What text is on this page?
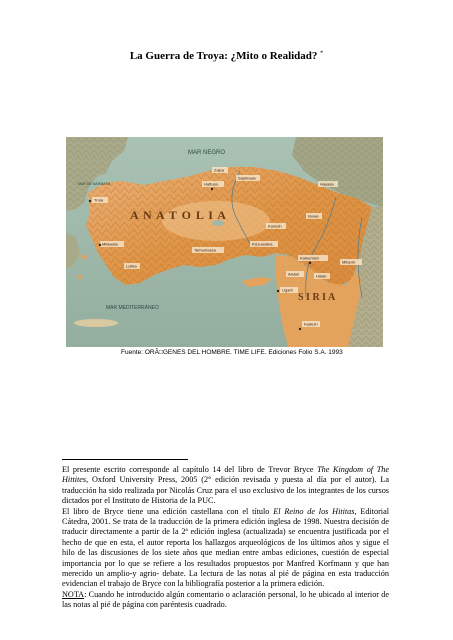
La Guerra de Troya: ¿Mito o Realidad? *
MAR NEGRO
A N A T O L I A
S I R I A
MAR MEDITERRÁNEO
MAR DE MÁRMARA	Hattusa
Troia
Milawata
Lukka
Tarhuntassa
Kizzuwatna
Kanesh
Isuwa
Hayasa
Sapinuwa
Zalpa
Karkemish
Mitanni
Alalah	Halab
Ugarit
Kadesh
Fuente: ORÃ□GENES DEL HOMBRE. TIME LIFE. Ediciones Folio S.A. 1993

El presente escrito corresponde al capítulo 14 del libro de Trevor Bryce The Kingdom of The Hittites, Oxford University Press, 2005 (2° edición revisada y puesta al día por el autor). La traducción ha sido realizada por Nicolás Cruz para el uso exclusivo de los integrantes de los cursos dictados por el Instituto de Historia de la PUC.

El libro de Bryce tiene una edición castellana con el título El Reino de los Hititas, Editorial Cátedra, 2001. Se trata de la traducción de la primera edición inglesa de 1998. Nuestra decisión de traducir directamente a partir de la 2ª edición inglesa (actualizada) se encuentra justificada por el hecho de que en esta, el autor reporta los hallazgos arqueológicos de los últimos años y sigue el hilo de las discusiones de los siete años que median entre ambas ediciones, cuestión de especial importancia por lo que se refiere a los resultados propuestos por Manfred Korfmann y que han merecido un amplio-y agrio- debate. La lectura de las notas al pié de página en esta traducción evidencian el trabajo de Bryce con la bibliografía posterior a la primera edición.

NOTA: Cuando he introducido algún comentario o aclaración personal, lo he ubicado al interior de las notas al pié de página con paréntesis cuadrado.
